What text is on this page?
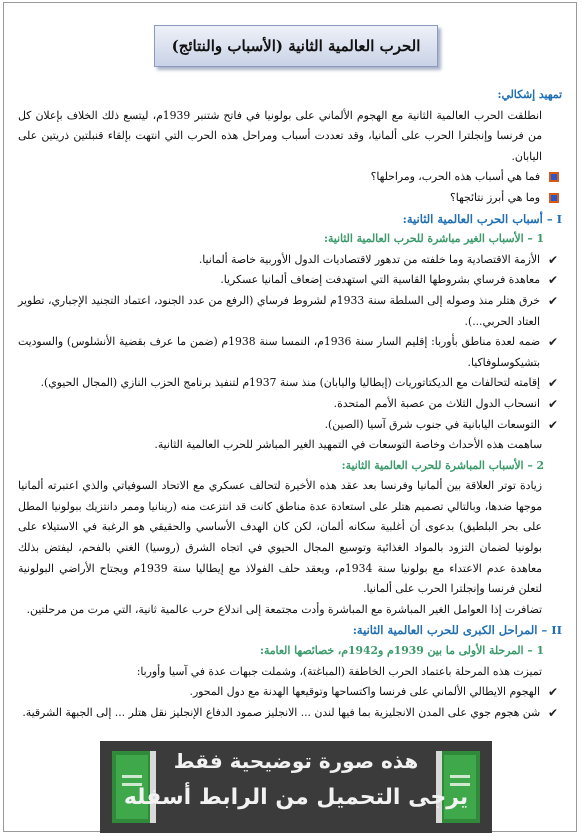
الحرب العالمية الثانية (الأسباب والنتائج)

تمهيد إشكالي:

انطلقت الحرب العالمية الثانية مع الهجوم الألماني على بولونيا في فاتح شتنبر 1939م، ليتسع ذلك الخلاف بإعلان كل من فرنسا وإنجلترا الحرب على ألمانيا، وقد تعددت أسباب ومراحل هذه الحرب التي انتهت بإلقاء قنبلتين ذريتين على اليابان.

فما هي أسباب هذه الحرب، ومراحلها؟

وما هي أبرز نتائجها؟

I – أسباب الحرب العالمية الثانية:

1 – الأسباب الغير مباشرة للحرب العالمية الثانية:

✔
الأزمة الاقتصادية وما خلفته من تدهور لاقتصاديات الدول الأوربية خاصة ألمانيا.
✔
معاهدة فرساي بشروطها القاسية التي استهدفت إضعاف ألمانيا عسكريا.
✔
خرق هتلر منذ وصوله إلى السلطة سنة 1933م لشروط فرساي (الرفع من عدد الجنود، اعتماد التجنيد الإجباري، تطوير العتاد الحربي...).
✔
ضمه لعدة مناطق بأوربا: إقليم السار سنة 1936م، النمسا سنة 1938م (ضمن ما عرف بقضية الأنشلوس) والسوديت بتشيكوسلوفاكيا.
✔
إقامته لتحالفات مع الديكتاتوريات (إيطاليا واليابان) منذ سنة 1937م لتنفيذ برنامج الحزب النازي (المجال الحيوي).
✔
انسحاب الدول الثلاث من عصبة الأمم المتحدة.
✔
التوسعات اليابانية في جنوب شرق آسيا (الصين).

ساهمت هذه الأحداث وخاصة التوسعات في التمهيد الغير المباشر للحرب العالمية الثانية.

2 – الأسباب المباشرة للحرب العالمية الثانية:

زيادة توتر العلاقة بين ألمانيا وفرنسا بعد عقد هذه الأخيرة لتحالف عسكري مع الاتحاد السوفياتي والذي اعتبرته ألمانيا موجها ضدها، وبالتالي تصميم هتلر على استعادة عدة مناطق كانت قد انتزعت منه (رينانيا وممر دانتزيك ببولونيا المطل على بحر البلطيق) بدعوى أن أغلبية سكانه ألمان، لكن كان الهدف الأساسي والحقيقي هو الرغبة في الاستيلاء على بولونيا لضمان التزود بالمواد الغذائية وتوسيع المجال الحيوي في اتجاه الشرق (روسيا) الغني بالفحم، ليفتض بذلك معاهدة عدم الاعتداء مع بولونيا سنة 1934م، ويعقد حلف الفولاذ مع إيطاليا سنة 1939م ويجتاح الأراضي البولونية لتعلن فرنسا وإنجلترا الحرب على ألمانيا.

تضافرت إذا العوامل الغير المباشرة مع المباشرة وأدت مجتمعة إلى اندلاع حرب عالمية ثانية، التي مرت من مرحلتين.

II – المراحل الكبرى للحرب العالمية الثانية:

1 – المرحلة الأولى ما بين 1939م و1942م، خصائصها العامة:

تميزت هذه المرحلة باعتماد الحرب الخاطفة (المباغتة)، وشملت جبهات عدة في آسيا وأوربا:

✔
الهجوم الايطالي الألماني على فرنسا واكتساحها وتوقيعها الهدنة مع دول المحور.
✔
شن هجوم جوي على المدن الانجليزية بما فيها لندن ... الانجليز صمود الدفاع الإنجليز نقل هتلر ... إلى الجبهة الشرقية.
هذه صورة توضيحية فقط
يرجى التحميل من الرابط أسفله
